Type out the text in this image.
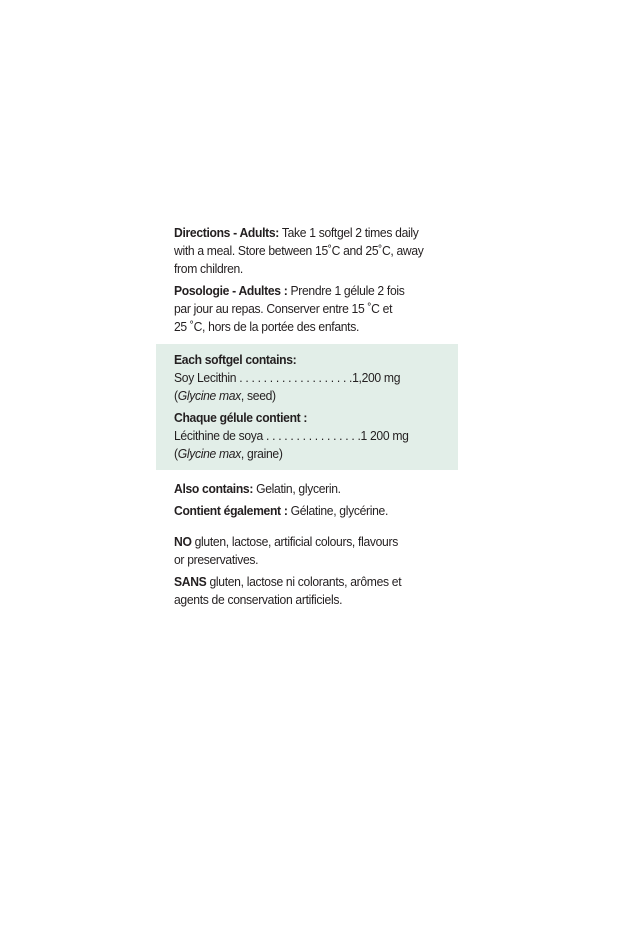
Directions - Adults: Take 1 softgel 2 times daily

with a meal. Store between 15˚C and 25˚C, away

from children.

Posologie - Adultes : Prendre 1 gélule 2 fois

par jour au repas. Conserver entre 15 ˚C et

25 ˚C, hors de la portée des enfants.

Each softgel contains:

Soy Lecithin . . . . . . . . . . . . . . . . . . .1,200 mg

(Glycine max, seed)

Chaque gélule contient :

Lécithine de soya . . . . . . . . . . . . . . . .1 200 mg

(Glycine max, graine)

Also contains: Gelatin, glycerin.

Contient également : Gélatine, glycérine.

NO gluten, lactose, artificial colours, flavours

or preservatives.

SANS gluten, lactose ni colorants, arômes et

agents de conservation artificiels.
